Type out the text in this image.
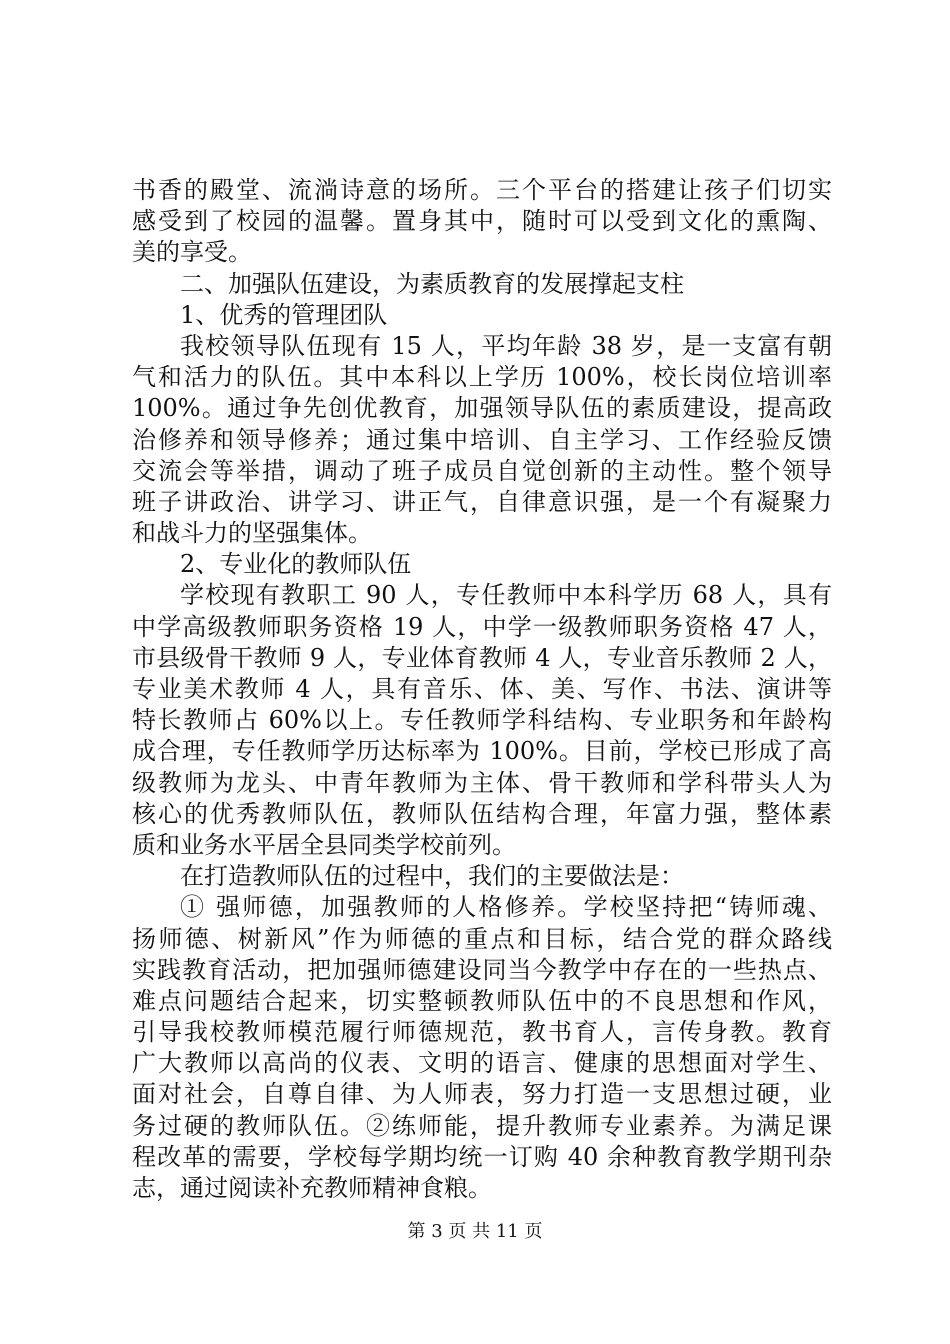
书香的殿堂、流淌诗意的场所。三个平台的搭建让孩子们切实
感受到了校园的温馨。置身其中，随时可以受到文化的熏陶、
美的享受。
二、加强队伍建设，为素质教育的发展撑起支柱
1、优秀的管理团队
我校领导队伍现有 15 人，平均年龄 38 岁，是一支富有朝
气和活力的队伍。其中本科以上学历 100%，校长岗位培训率
100%。通过争先创优教育，加强领导队伍的素质建设，提高政
治修养和领导修养；通过集中培训、自主学习、工作经验反馈
交流会等举措，调动了班子成员自觉创新的主动性。整个领导
班子讲政治、讲学习、讲正气，自律意识强，是一个有凝聚力
和战斗力的坚强集体。
2、专业化的教师队伍
学校现有教职工 90 人，专任教师中本科学历 68 人，具有
中学高级教师职务资格 19 人，中学一级教师职务资格 47 人，
市县级骨干教师 9 人，专业体育教师 4 人，专业音乐教师 2 人，
专业美术教师 4 人，具有音乐、体、美、写作、书法、演讲等
特长教师占 60%以上。专任教师学科结构、专业职务和年龄构
成合理，专任教师学历达标率为 100%。目前，学校已形成了高
级教师为龙头、中青年教师为主体、骨干教师和学科带头人为
核心的优秀教师队伍，教师队伍结构合理，年富力强，整体素
质和业务水平居全县同类学校前列。
在打造教师队伍的过程中，我们的主要做法是：
① 强师德，加强教师的人格修养。学校坚持把“铸师魂、
扬师德、树新风”作为师德的重点和目标，结合党的群众路线
实践教育活动，把加强师德建设同当今教学中存在的一些热点、
难点问题结合起来，切实整顿教师队伍中的不良思想和作风，
引导我校教师模范履行师德规范，教书育人，言传身教。教育
广大教师以高尚的仪表、文明的语言、健康的思想面对学生、
面对社会，自尊自律、为人师表，努力打造一支思想过硬，业
务过硬的教师队伍。②练师能，提升教师专业素养。为满足课
程改革的需要，学校每学期均统一订购 40 余种教育教学期刊杂
志，通过阅读补充教师精神食粮。
第 3 页 共 11 页
